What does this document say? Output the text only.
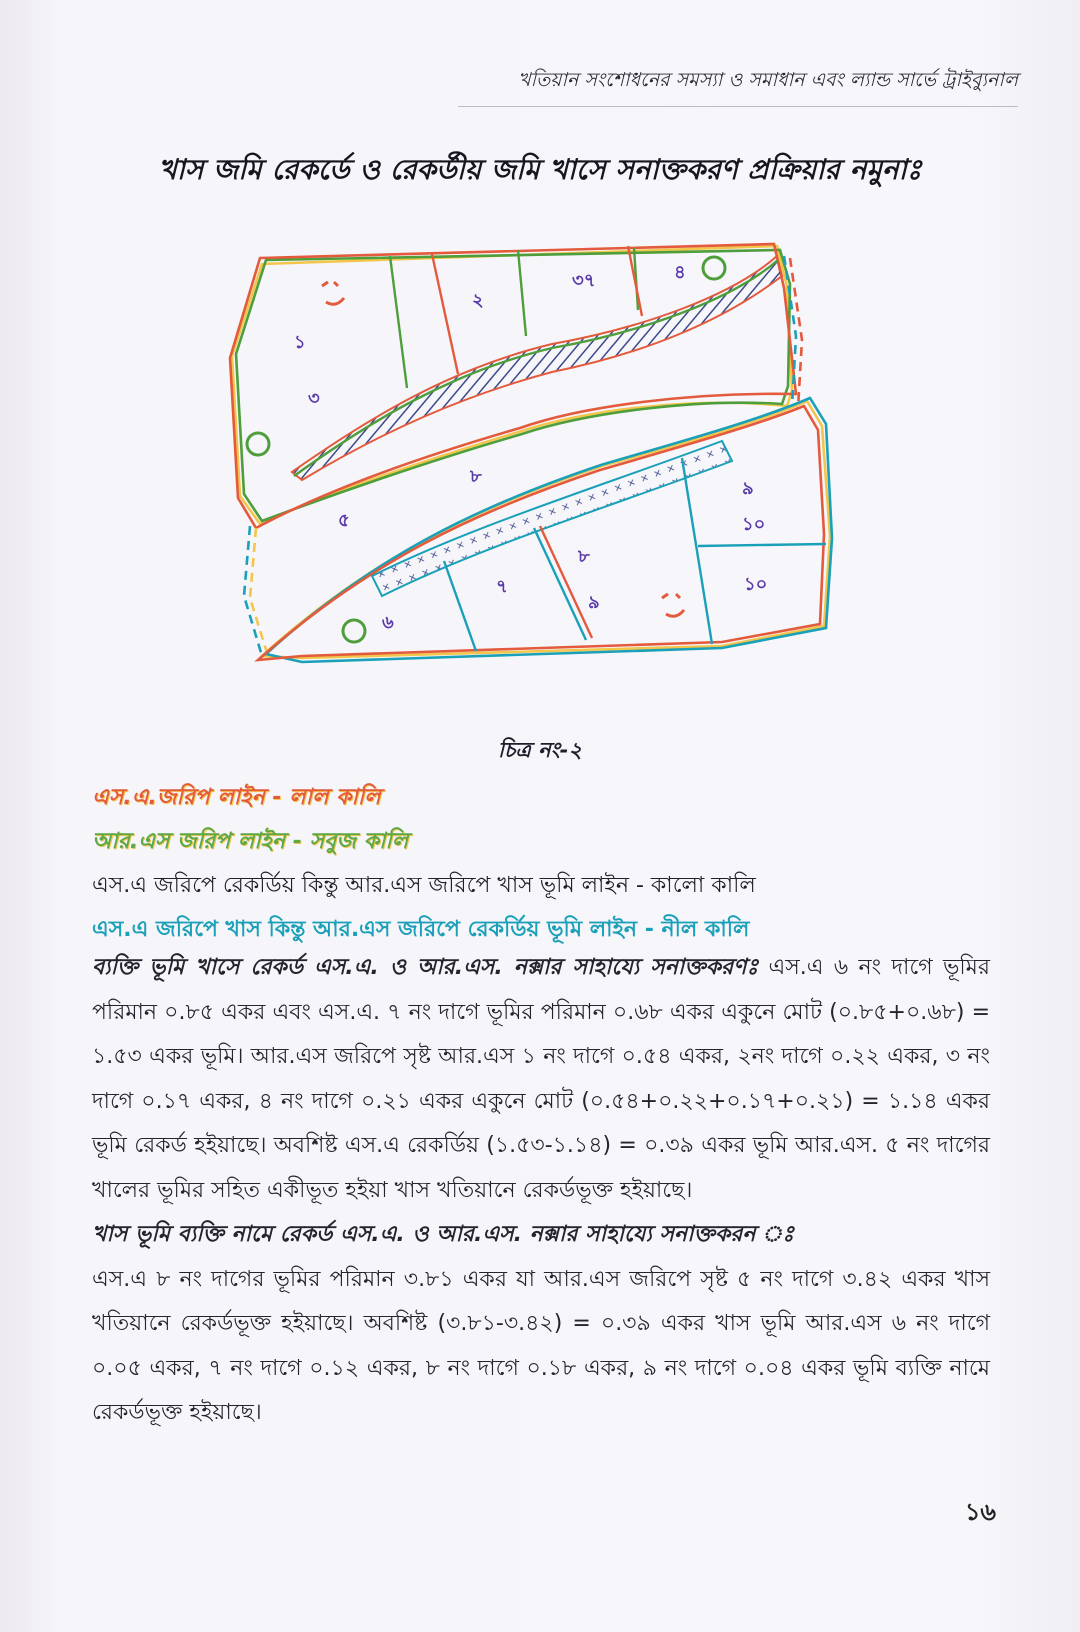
খতিয়ান সংশোধনের সমস্যা ও সমাধান এবং ল্যান্ড সার্ভে ট্রাইব্যুনাল
খাস জমি রেকর্ডে ও রেকর্ডীয় জমি খাসে সনাক্তকরণ প্রক্রিয়ার নমুনাঃ
১
২
৩
৩৭	৪
৫
৬
৭
৮
৮
৯
৯
১০
১০
চিত্র নং-২
এস.এ.জরিপ লাইন - লাল কালি
আর.এস জরিপ লাইন - সবুজ কালি
এস.এ জরিপে রেকর্ডিয় কিন্তু আর.এস জরিপে খাস ভূমি লাইন - কালো কালি
এস.এ জরিপে খাস কিন্তু আর.এস জরিপে রেকর্ডিয় ভূমি লাইন - নীল কালি

ব্যক্তি ভূমি খাসে রেকর্ড এস.এ. ও আর.এস. নক্সার সাহায্যে সনাক্তকরণঃ এস.এ ৬ নং দাগে ভূমির পরিমান ০.৮৫ একর এবং এস.এ. ৭ নং দাগে ভূমির পরিমান ০.৬৮ একর একুনে মোট (০.৮৫+০.৬৮) = ১.৫৩ একর ভূমি। আর.এস জরিপে সৃষ্ট আর.এস ১ নং দাগে ০.৫৪ একর, ২নং দাগে ০.২২ একর, ৩ নং দাগে ০.১৭ একর, ৪ নং দাগে ০.২১ একর একুনে মোট (০.৫৪+০.২২+০.১৭+০.২১) = ১.১৪ একর ভূমি রেকর্ড হইয়াছে। অবশিষ্ট এস.এ রেকর্ডিয় (১.৫৩-১.১৪) = ০.৩৯ একর ভূমি আর.এস. ৫ নং দাগের খালের ভূমির সহিত একীভূত হইয়া খাস খতিয়ানে রেকর্ডভূক্ত হইয়াছে।

খাস ভূমি ব্যক্তি নামে রেকর্ড এস.এ. ও আর.এস. নক্সার সাহায্যে সনাক্তকরন ঃ

এস.এ ৮ নং দাগের ভূমির পরিমান ৩.৮১ একর যা আর.এস জরিপে সৃষ্ট ৫ নং দাগে ৩.৪২ একর খাস খতিয়ানে রেকর্ডভূক্ত হইয়াছে। অবশিষ্ট (৩.৮১-৩.৪২) = ০.৩৯ একর খাস ভূমি আর.এস ৬ নং দাগে ০.০৫ একর, ৭ নং দাগে ০.১২ একর, ৮ নং দাগে ০.১৮ একর, ৯ নং দাগে ০.০৪ একর ভূমি ব্যক্তি নামে রেকর্ডভূক্ত হইয়াছে।

১৬
